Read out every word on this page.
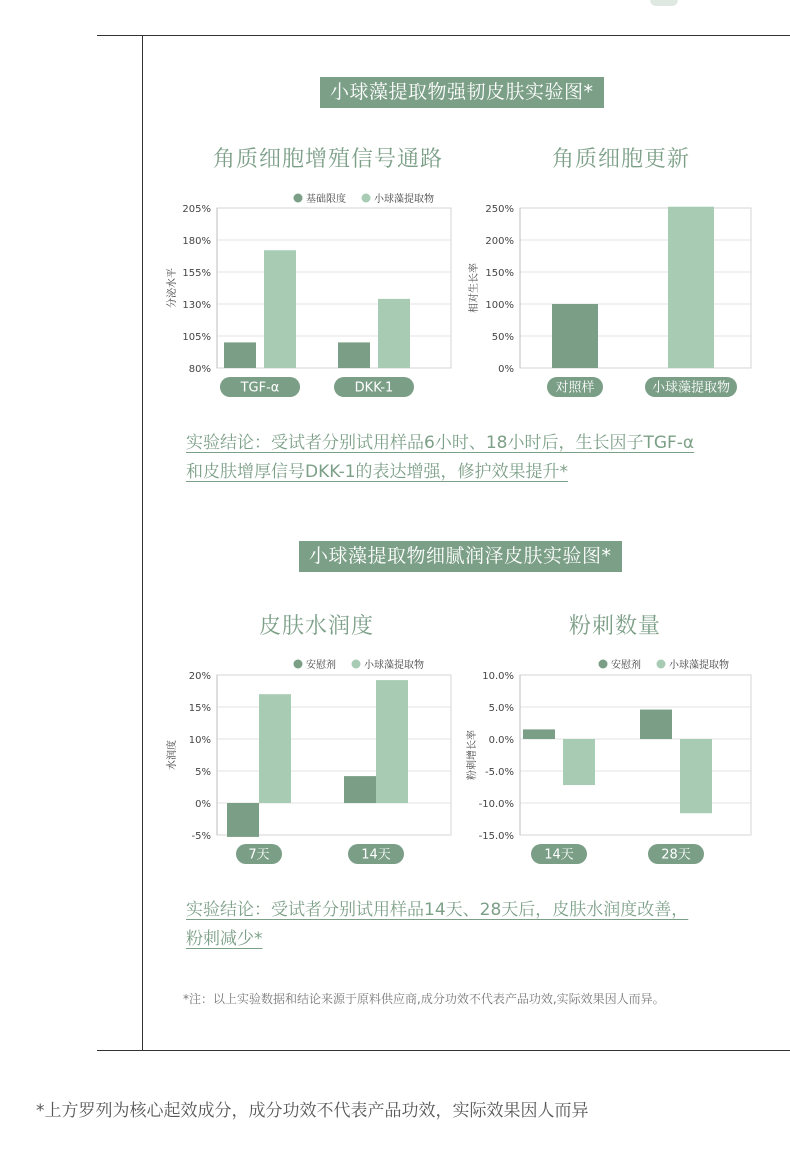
小球藻提取物强韧皮肤实验图*
角质细胞增殖信号通路	角质细胞更新
80%
105%
130%
155%
180%
205%
分泌水平
TGF-α	DKK-1
基础限度	小球藻提取物
0%
50%
100%
150%
200%
250%
相对生长率
对照样	小球藻提取物
实验结论：受试者分别试用样品6小时、18小时后，生长因子TGF-α
和皮肤增厚信号DKK-1的表达增强，修护效果提升*
小球藻提取物细腻润泽皮肤实验图*
皮肤水润度	粉刺数量
-5%
0%
5%
10%
15%
20%
水润度
7天	14天
安慰剂	小球藻提取物
-15.0%
-10.0%
-5.0%
0.0%
5.0%
10.0%
粉刺增长率
14天	28天
安慰剂	小球藻提取物
实验结论：受试者分别试用样品14天、28天后，皮肤水润度改善，
粉刺减少*
*注：以上实验数据和结论来源于原料供应商,成分功效不代表产品功效,实际效果因人而异。
*上方罗列为核心起效成分，成分功效不代表产品功效，实际效果因人而异
